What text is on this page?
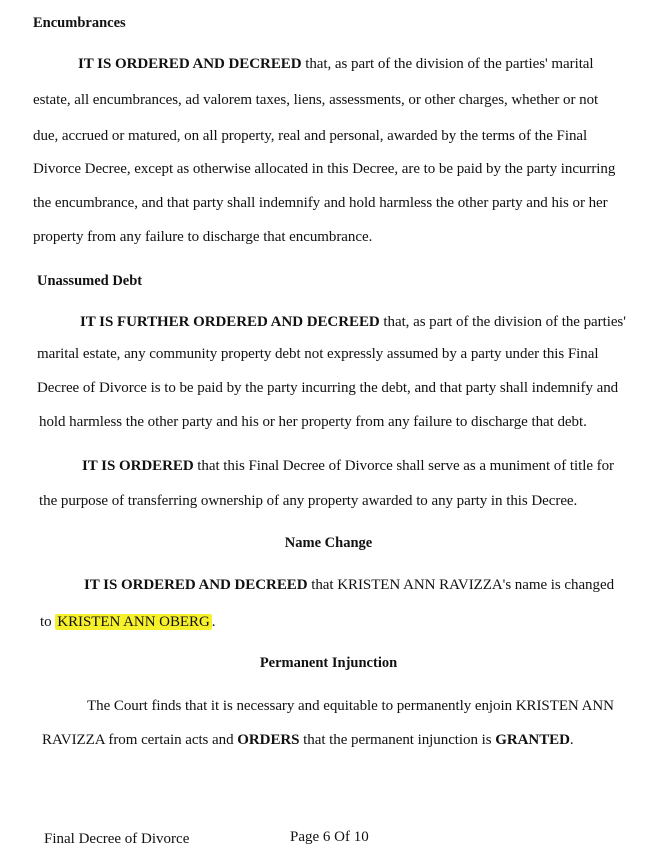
Encumbrances
IT IS ORDERED AND DECREED that, as part of the division of the parties' marital
estate, all encumbrances, ad valorem taxes, liens, assessments, or other charges, whether or not
due, accrued or matured, on all property, real and personal, awarded by the terms of the Final
Divorce Decree, except as otherwise allocated in this Decree, are to be paid by the party incurring
the encumbrance, and that party shall indemnify and hold harmless the other party and his or her
property from any failure to discharge that encumbrance.
Unassumed Debt
IT IS FURTHER ORDERED AND DECREED that, as part of the division of the parties'
marital estate, any community property debt not expressly assumed by a party under this Final
Decree of Divorce is to be paid by the party incurring the debt, and that party shall indemnify and
hold harmless the other party and his or her property from any failure to discharge that debt.
IT IS ORDERED that this Final Decree of Divorce shall serve as a muniment of title for
the purpose of transferring ownership of any property awarded to any party in this Decree.
Name Change
IT IS ORDERED AND DECREED that KRISTEN ANN RAVIZZA's name is changed
to KRISTEN ANN OBERG .
Permanent Injunction
The Court finds that it is necessary and equitable to permanently enjoin KRISTEN ANN
RAVIZZA from certain acts and ORDERS that the permanent injunction is GRANTED.
Final Decree of Divorce	Page 6 Of 10
